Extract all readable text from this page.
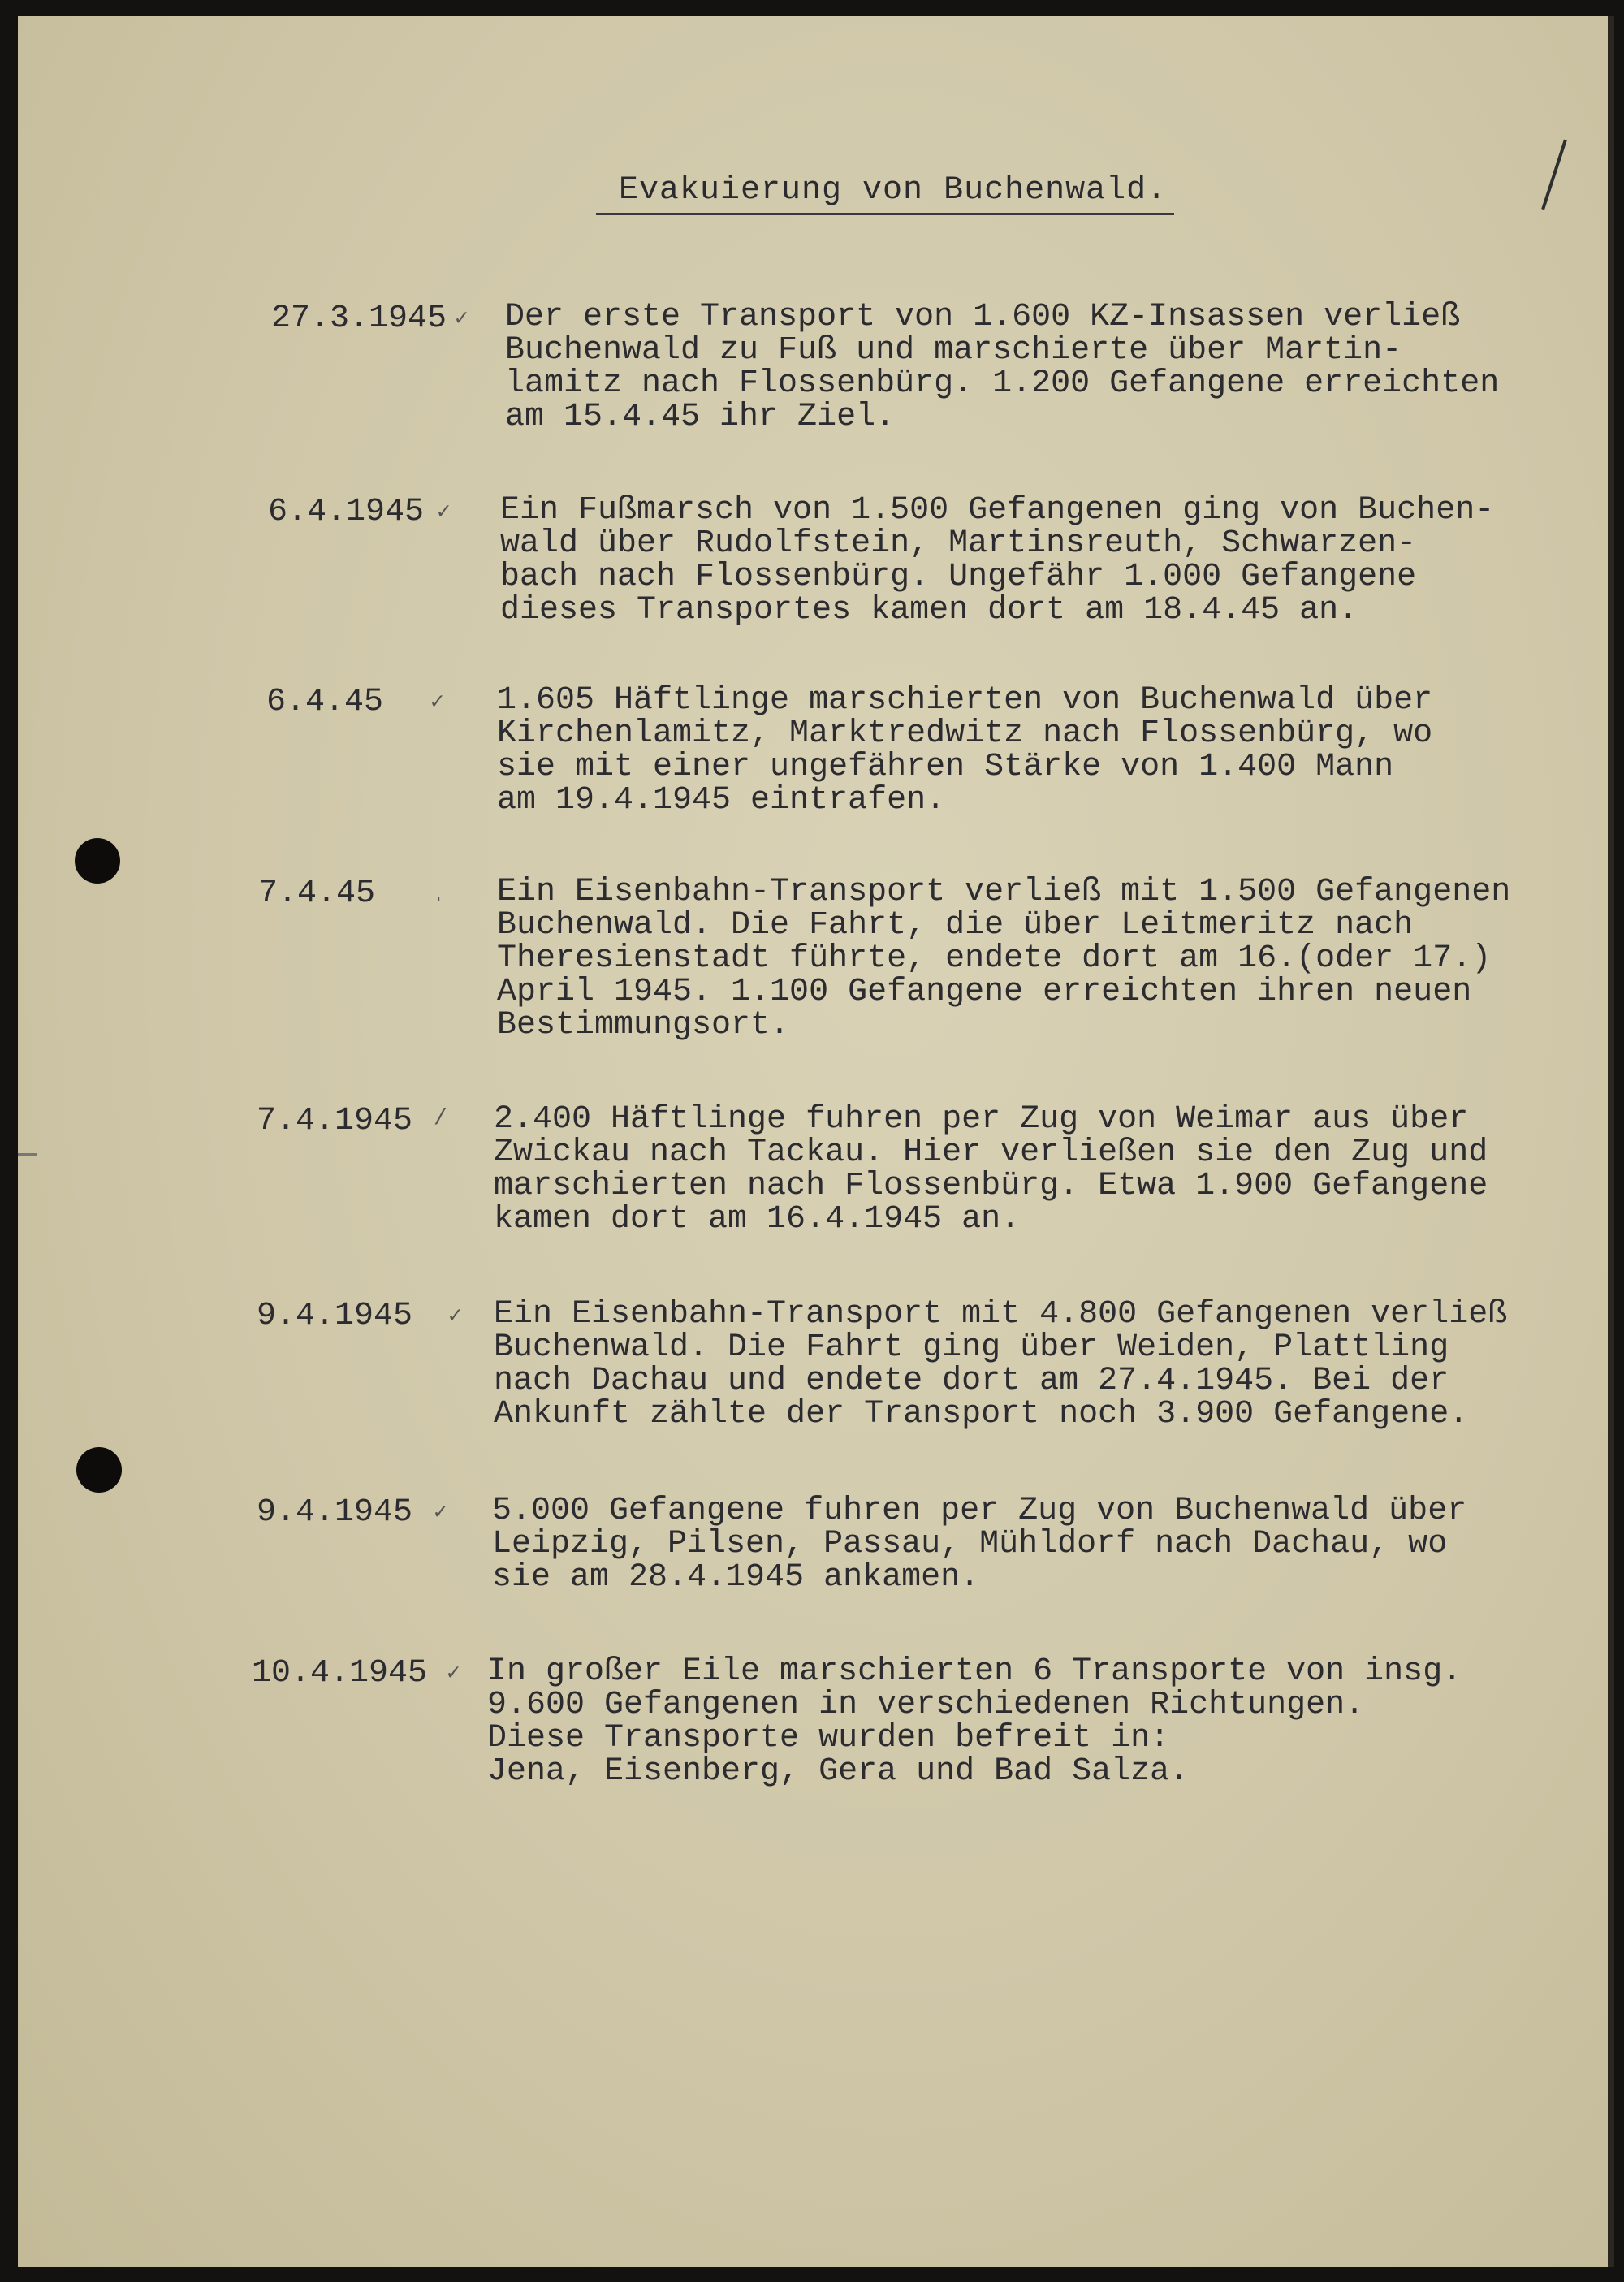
Evakuierung von Buchenwald.
27.3.1945 ✓ Der erste Transport von 1.600 KZ-Insassen verließ
Buchenwald zu Fuß und marschierte über Martin-
lamitz nach Flossenbürg. 1.200 Gefangene erreichten
am 15.4.45 ihr Ziel.
6.4.1945 ✓ Ein Fußmarsch von 1.500 Gefangenen ging von Buchen-
wald über Rudolfstein, Martinsreuth, Schwarzen-
bach nach Flossenbürg. Ungefähr 1.000 Gefangene
dieses Transportes kamen dort am 18.4.45 an.
6.4.45 ✓ 1.605 Häftlinge marschierten von Buchenwald über
Kirchenlamitz, Marktredwitz nach Flossenbürg, wo
sie mit einer ungefähren Stärke von 1.400 Mann
am 19.4.1945 eintrafen.
7.4.45	ˌ Ein Eisenbahn-Transport verließ mit 1.500 Gefangenen
Buchenwald. Die Fahrt, die über Leitmeritz nach
Theresienstadt führte, endete dort am 16.(oder 17.)
April 1945. 1.100 Gefangene erreichten ihren neuen
Bestimmungsort.
7.4.1945 / 2.400 Häftlinge fuhren per Zug von Weimar aus über
Zwickau nach Tackau. Hier verließen sie den Zug und
marschierten nach Flossenbürg. Etwa 1.900 Gefangene
kamen dort am 16.4.1945 an.
9.4.1945 ✓ Ein Eisenbahn-Transport mit 4.800 Gefangenen verließ
Buchenwald. Die Fahrt ging über Weiden, Plattling
nach Dachau und endete dort am 27.4.1945. Bei der
Ankunft zählte der Transport noch 3.900 Gefangene.
9.4.1945 ✓ 5.000 Gefangene fuhren per Zug von Buchenwald über
Leipzig, Pilsen, Passau, Mühldorf nach Dachau, wo
sie am 28.4.1945 ankamen.
10.4.1945 ✓ In großer Eile marschierten 6 Transporte von insg.
9.600 Gefangenen in verschiedenen Richtungen.
Diese Transporte wurden befreit in:
Jena, Eisenberg, Gera und Bad Salza.
